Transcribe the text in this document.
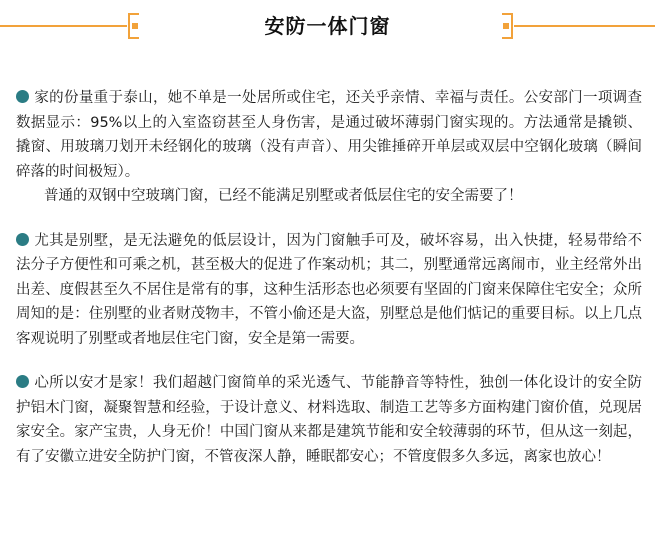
安防一体门窗
家的份量重于泰山，她不单是一处居所或住宅，还关乎亲情、幸福与责任。公安部门一项调查数据显示：95%以上的入室盗窃甚至人身伤害，是通过破坏薄弱门窗实现的。方法通常是撬锁、撬窗、用玻璃刀划开未经钢化的玻璃（没有声音）、用尖锥捶碎开单层或双层中空钢化玻璃（瞬间碎落的时间极短）。

普通的双钢中空玻璃门窗，已经不能满足别墅或者低层住宅的安全需要了！

尤其是别墅，是无法避免的低层设计，因为门窗触手可及，破坏容易，出入快捷，轻易带给不法分子方便性和可乘之机，甚至极大的促进了作案动机；其二，别墅通常远离闹市，业主经常外出出差、度假甚至久不居住是常有的事，这种生活形态也必须要有坚固的门窗来保障住宅安全；众所周知的是：住别墅的业者财茂物丰，不管小偷还是大盗，别墅总是他们惦记的重要目标。以上几点客观说明了别墅或者地层住宅门窗，安全是第一需要。
心所以安才是家！我们超越门窗简单的采光透气、节能静音等特性，独创一体化设计的安全防护铝木门窗，凝聚智慧和经验，于设计意义、材料选取、制造工艺等多方面构建门窗价值，兑现居家安全。家产宝贵，人身无价！中国门窗从来都是建筑节能和安全较薄弱的环节，但从这一刻起，有了安徽立进安全防护门窗，不管夜深人静，睡眠都安心；不管度假多久多远，离家也放心！
